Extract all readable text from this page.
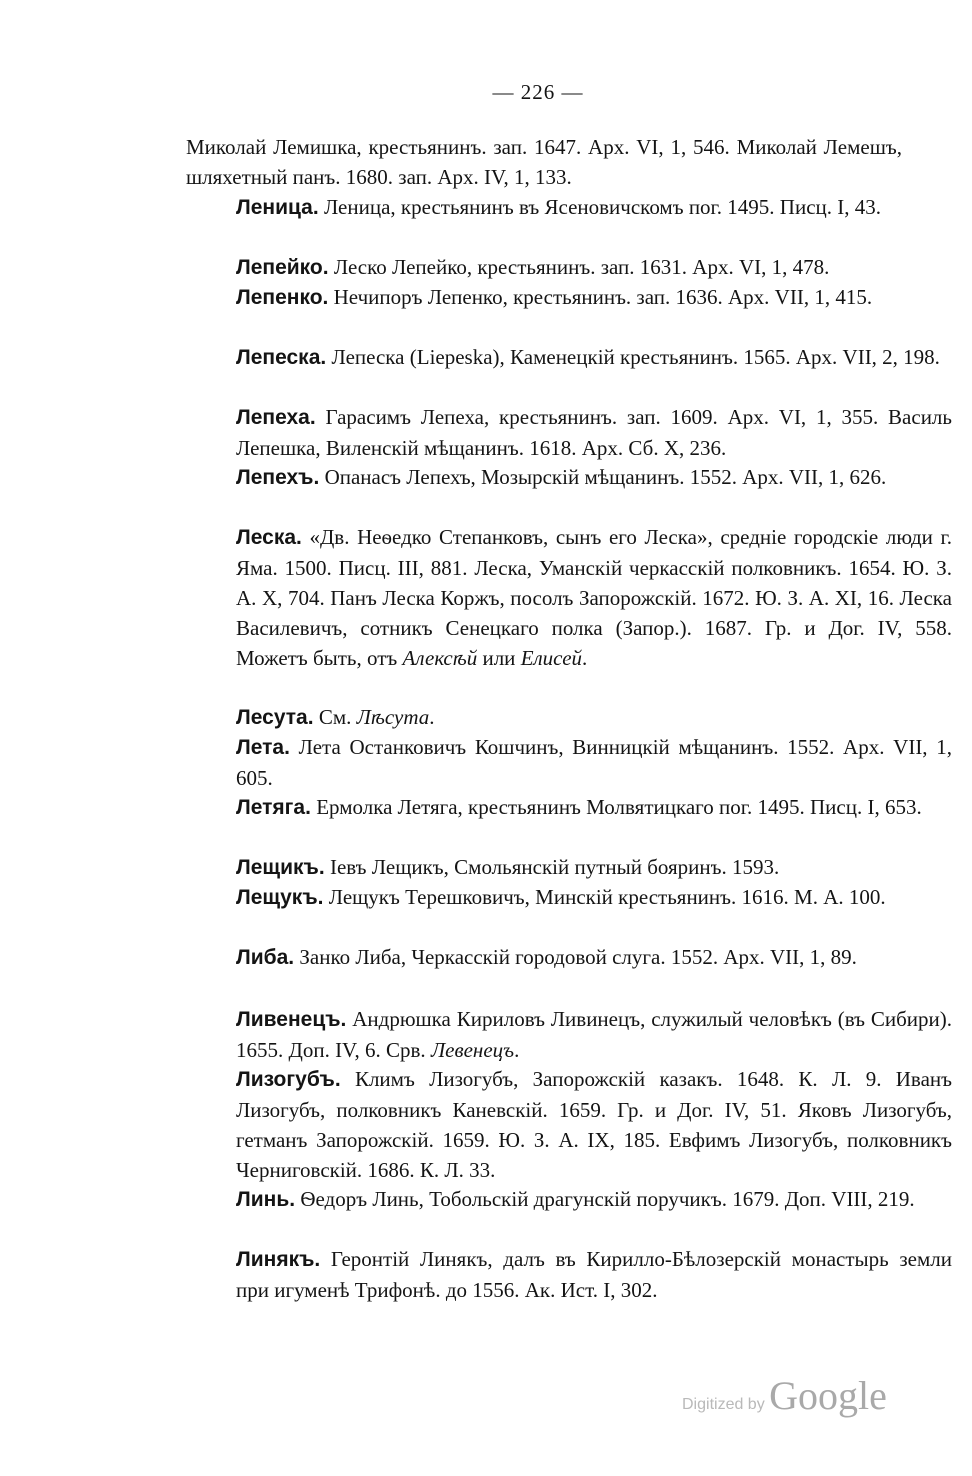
— 226 —
Миколай Лемишка, крестьянинъ. зап. 1647. Арх. VI, 1, 546. Миколай Лемешъ, шляхетный панъ. 1680. зап. Арх. IV, 1, 133.
Леница. Леница, крестьянинъ въ Ясеновичскомъ пог. 1495. Писц. I, 43.
Лепейко. Леско Лепейко, крестьянинъ. зап. 1631. Арх. VI, 1, 478.
Лепенко. Нечипоръ Лепенко, крестьянинъ. зап. 1636. Арх. VII, 1, 415.
Лепеска. Лепеска (Liepeska), Каменецкій крестьянинъ. 1565. Арх. VII, 2, 198.
Лепеха. Гарасимъ Лепеха, крестьянинъ. зап. 1609. Арх. VI, 1, 355. Василь Лепешка, Виленскій мѣщанинъ. 1618. Арх. Сб. X, 236.
Лепехъ. Опанасъ Лепехъ, Мозырскій мѣщанинъ. 1552. Арх. VII, 1, 626.
Леска. «Дв. Неѳедко Степанковъ, сынъ его Леска», средніе городскіе люди г. Яма. 1500. Писц. III, 881. Леска, Уманскій черкасскій полковникъ. 1654. Ю. З. А. X, 704. Панъ Леска Коржъ, посолъ Запорожскій. 1672. Ю. З. А. XI, 16. Леска Василевичъ, сотникъ Сенецкаго полка (Запор.). 1687. Гр. и Дог. IV, 558. Можетъ быть, отъ Алексѣй или Елисей.
Лесута. См. Лѣсута.
Лета. Лета Останковичъ Кошчинъ, Винницкій мѣщанинъ. 1552. Арх. VII, 1, 605.
Летяга. Ермолка Летяга, крестьянинъ Молвятицкаго пог. 1495. Писц. I, 653.
Лещикъ. Іевъ Лещикъ, Смольянскій путный бояринъ. 1593.
Лещукъ. Лещукъ Терешковичъ, Минскій крестьянинъ. 1616. М. А. 100.
Либа. Занко Либа, Черкасскій городовой слуга. 1552. Арх. VII, 1, 89.
Ливенецъ. Андрюшка Кириловъ Ливинецъ, служилый человѣкъ (въ Сибири). 1655. Доп. IV, 6. Срв. Левенецъ.
Лизогубъ. Климъ Лизогубъ, Запорожскій казакъ. 1648. К. Л. 9. Иванъ Лизогубъ, полковникъ Каневскій. 1659. Гр. и Дог. IV, 51. Яковъ Лизогубъ, гетманъ Запорожскій. 1659. Ю. З. А. IX, 185. Евфимъ Лизогубъ, полковникъ Черниговскій. 1686. К. Л. 33.
Линь. Ѳедоръ Линь, Тобольскій драгунскій поручикъ. 1679. Доп. VIII, 219.
Линякъ. Геронтій Линякъ, далъ въ Кирилло-Бѣлозерскій монастырь земли при игуменѣ Трифонѣ. до 1556. Ак. Ист. I, 302.
Digitized by Google
